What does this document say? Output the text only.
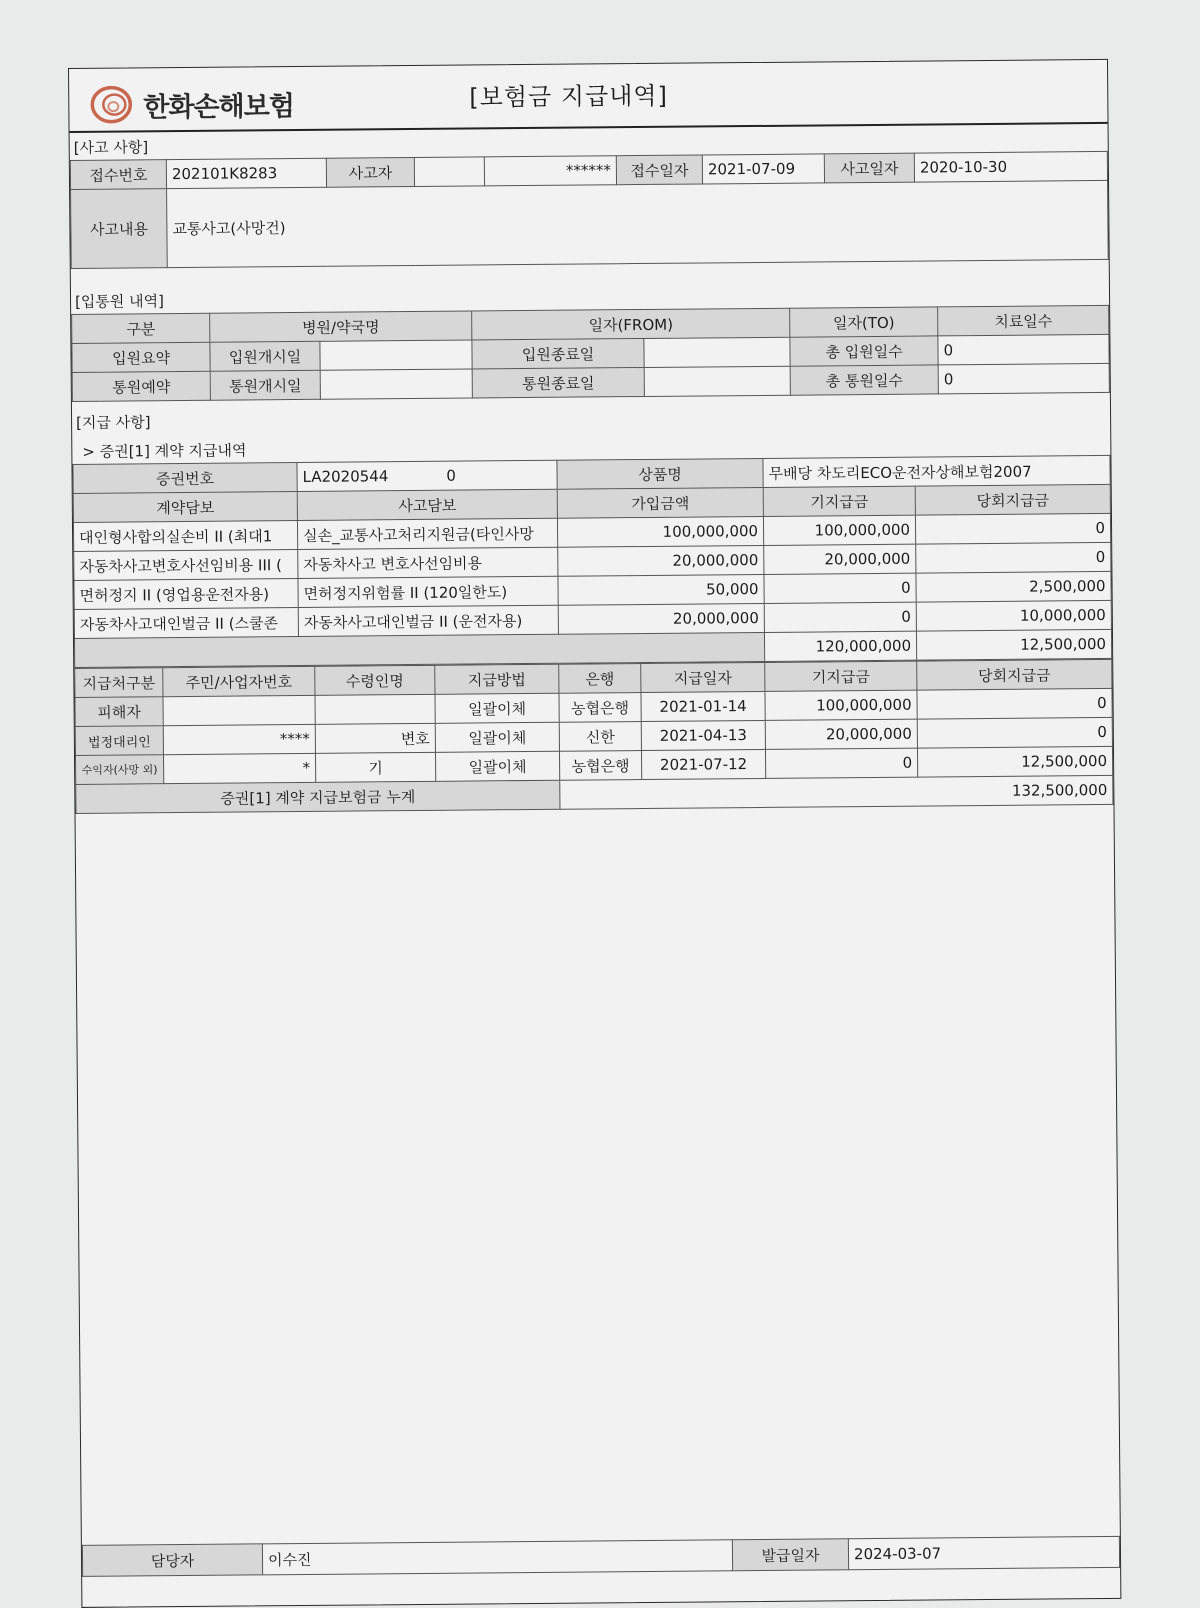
한화손해보험	[보험금 지급내역]
[사고 사항]
접수번호	202101K8283	사고자		******	접수일자	2021-07-09	사고일자	2020-10-30
사고내용	교통사고(사망건)							
[입통원 내역]
구분	병원/약국명		일자(FROM)		일자(TO)	치료일수
입원요약	입원개시일		입원종료일		총 입원일수	0
통원예약	통원개시일		통원종료일		총 통원일수	0
[지급 사항]
> 증권[1] 계약 지급내역
증권번호	LA2020544 0	상품명	무배당 차도리ECO운전자상해보험2007	
계약담보	사고담보	가입금액	기지급금	당회지급금
대인형사합의실손비 II (최대1	실손_교통사고처리지원금(타인사망	100,000,000	100,000,000	0
자동차사고변호사선임비용 III (	자동차사고 변호사선임비용	20,000,000	20,000,000	0
면허정지 II (영업용운전자용)	면허정지위험률 II (120일한도)	50,000	0	2,500,000
자동차사고대인벌금 II (스쿨존	자동차사고대인벌금 II (운전자용)	20,000,000	0	10,000,000
			120,000,000	12,500,000
지급처구분	주민/사업자번호	수령인명	지급방법	은행	지급일자	기지급금	당회지급금
피해자			일괄이체	농협은행	2021-01-14	100,000,000	0
법정대리인	****	변호	일괄이체	신한	2021-04-13	20,000,000	0
수익자(사망 외)	*	기	일괄이체	농협은행	2021-07-12	0	12,500,000
증권[1] 계약 지급보험금 누계				132,500,000			
담당자	이수진	발급일자	2024-03-07
